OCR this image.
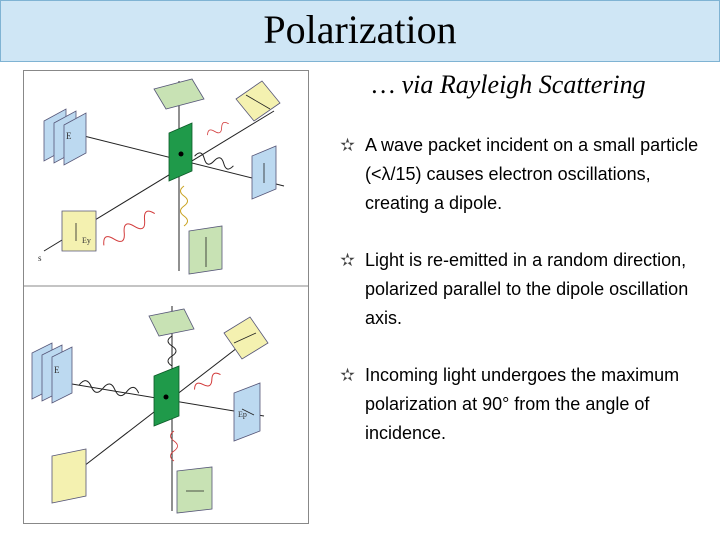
Polarization
… via Rayleigh Scattering
E
Ey
s
E
Ep
✫ A wave packet incident on a small particle (<λ/15) causes electron oscillations, creating a dipole.
✫ Light is re-emitted in a random direction, polarized parallel to the dipole oscillation axis.
✫ Incoming light undergoes the maximum polarization at 90° from the angle of incidence.
